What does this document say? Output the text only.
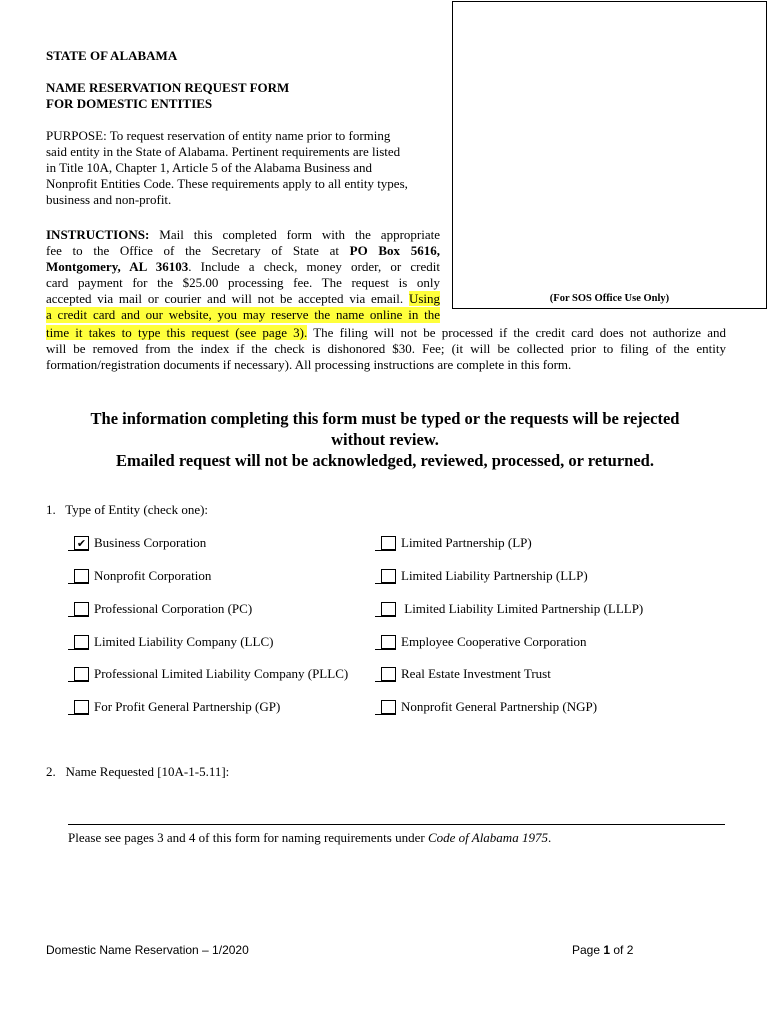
(For SOS Office Use Only)
STATE OF ALABAMA
NAME RESERVATION REQUEST FORM
FOR DOMESTIC ENTITIES
PURPOSE: To request reservation of entity name prior to forming
said entity in the State of Alabama. Pertinent requirements are listed
in Title 10A, Chapter 1, Article 5 of the Alabama Business and
Nonprofit Entities Code. These requirements apply to all entity types,
business and non-profit.
INSTRUCTIONS: Mail this completed form with the appropriate
fee to the Office of the Secretary of State at PO Box 5616,
Montgomery, AL 36103. Include a check, money order, or credit
card payment for the $25.00 processing fee. The request is only
accepted via mail or courier and will not be accepted via email. Using
a credit card and our website, you may reserve the name online in the
time it takes to type this request (see page 3). The filing will not be processed if the credit card does not authorize and
will be removed from the index if the check is dishonored $30. Fee; (it will be collected prior to filing of the entity
formation/registration documents if necessary). All processing instructions are complete in this form.
The information completing this form must be typed or the requests will be rejected
without review.
Emailed request will not be acknowledged, reviewed, processed, or returned.
1.   Type of Entity (check one):
✔ Business Corporation
Nonprofit Corporation
Professional Corporation (PC)
Limited Liability Company (LLC)
Professional Limited Liability Company (PLLC)
For Profit General Partnership (GP)
Limited Partnership (LP)
Limited Liability Partnership (LLP)
Limited Liability Limited Partnership (LLLP)
Employee Cooperative Corporation
Real Estate Investment Trust
Nonprofit General Partnership (NGP)
2.   Name Requested [10A-1-5.11]:
Please see pages 3 and 4 of this form for naming requirements under Code of Alabama 1975.
Domestic Name Reservation – 1/2020	Page 1 of 2
